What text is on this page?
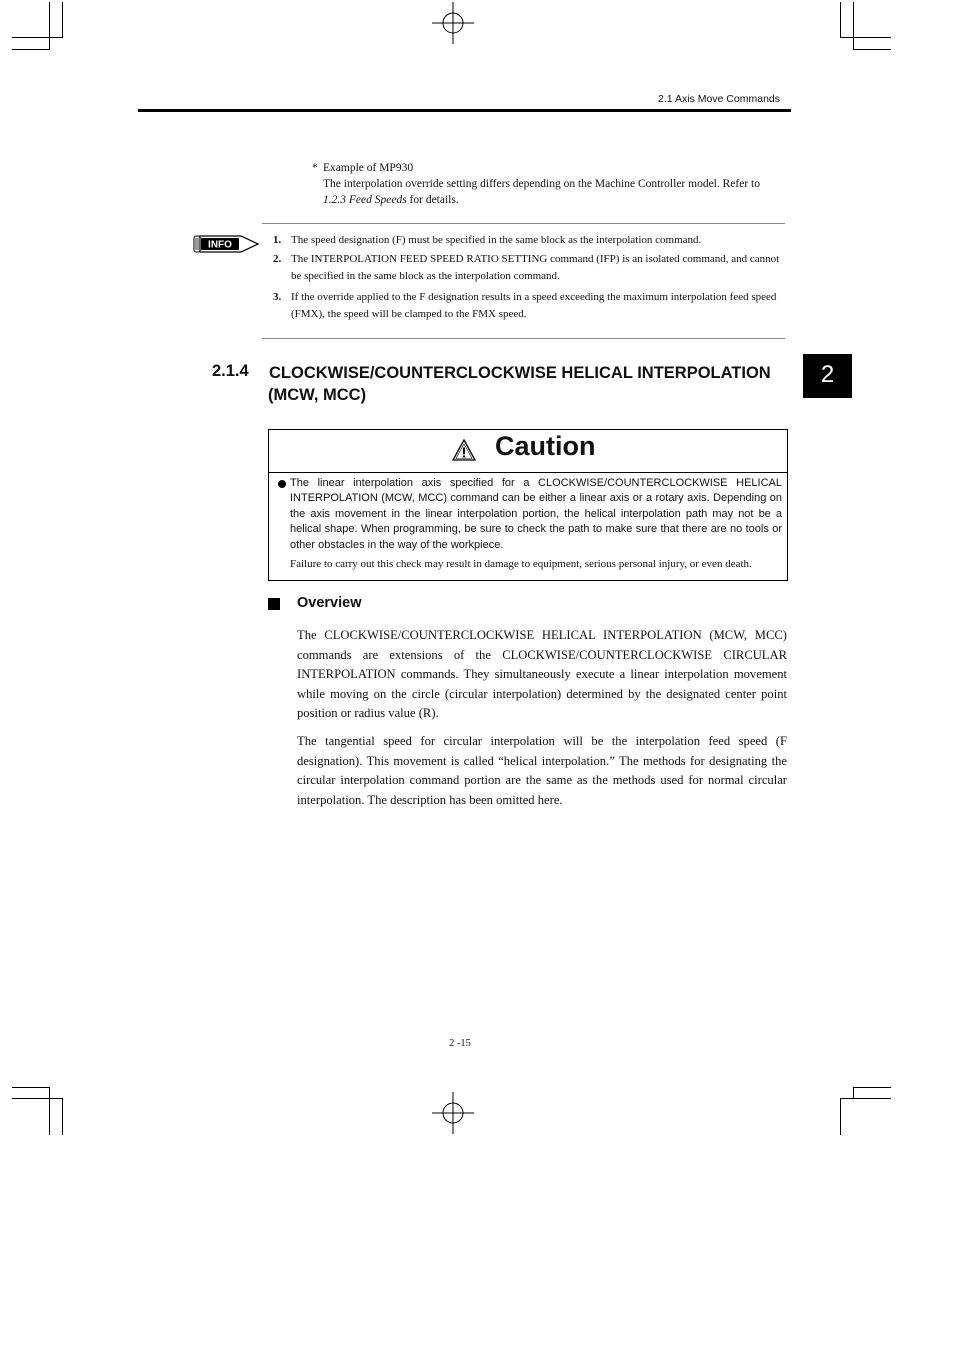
2.1 Axis Move Commands
* Example of MP930
The interpolation override setting differs depending on the Machine Controller model. Refer to 1.2.3 Feed Speeds for details.
INFO	1. The speed designation (F) must be specified in the same block as the interpolation command.
2. The INTERPOLATION FEED SPEED RATIO SETTING command (IFP) is an isolated command, and cannot be specified in the same block as the interpolation command.
3. If the override applied to the F designation results in a speed exceeding the maximum interpolation feed speed (FMX), the speed will be clamped to the FMX speed.
2
2.1.4 CLOCKWISE/COUNTERCLOCKWISE HELICAL INTERPOLATION (MCW, MCC)
Caution
The linear interpolation axis specified for a CLOCKWISE/COUNTERCLOCKWISE HELICAL INTERPOLATION (MCW, MCC) command can be either a linear axis or a rotary axis. Depending on the axis movement in the linear interpolation portion, the helical interpolation path may not be a helical shape. When programming, be sure to check the path to make sure that there are no tools or other obstacles in the way of the workpiece.
Failure to carry out this check may result in damage to equipment, serious personal injury, or even death.
Overview
The CLOCKWISE/COUNTERCLOCKWISE HELICAL INTERPOLATION (MCW, MCC) commands are extensions of the CLOCKWISE/COUNTERCLOCKWISE CIRCULAR INTERPOLATION commands. They simultaneously execute a linear interpolation movement while moving on the circle (circular interpolation) determined by the designated center point position or radius value (R).
The tangential speed for circular interpolation will be the interpolation feed speed (F designation). This movement is called “helical interpolation.” The methods for designating the circular interpolation command portion are the same as the methods used for normal circular interpolation. The description has been omitted here.
2 -15
